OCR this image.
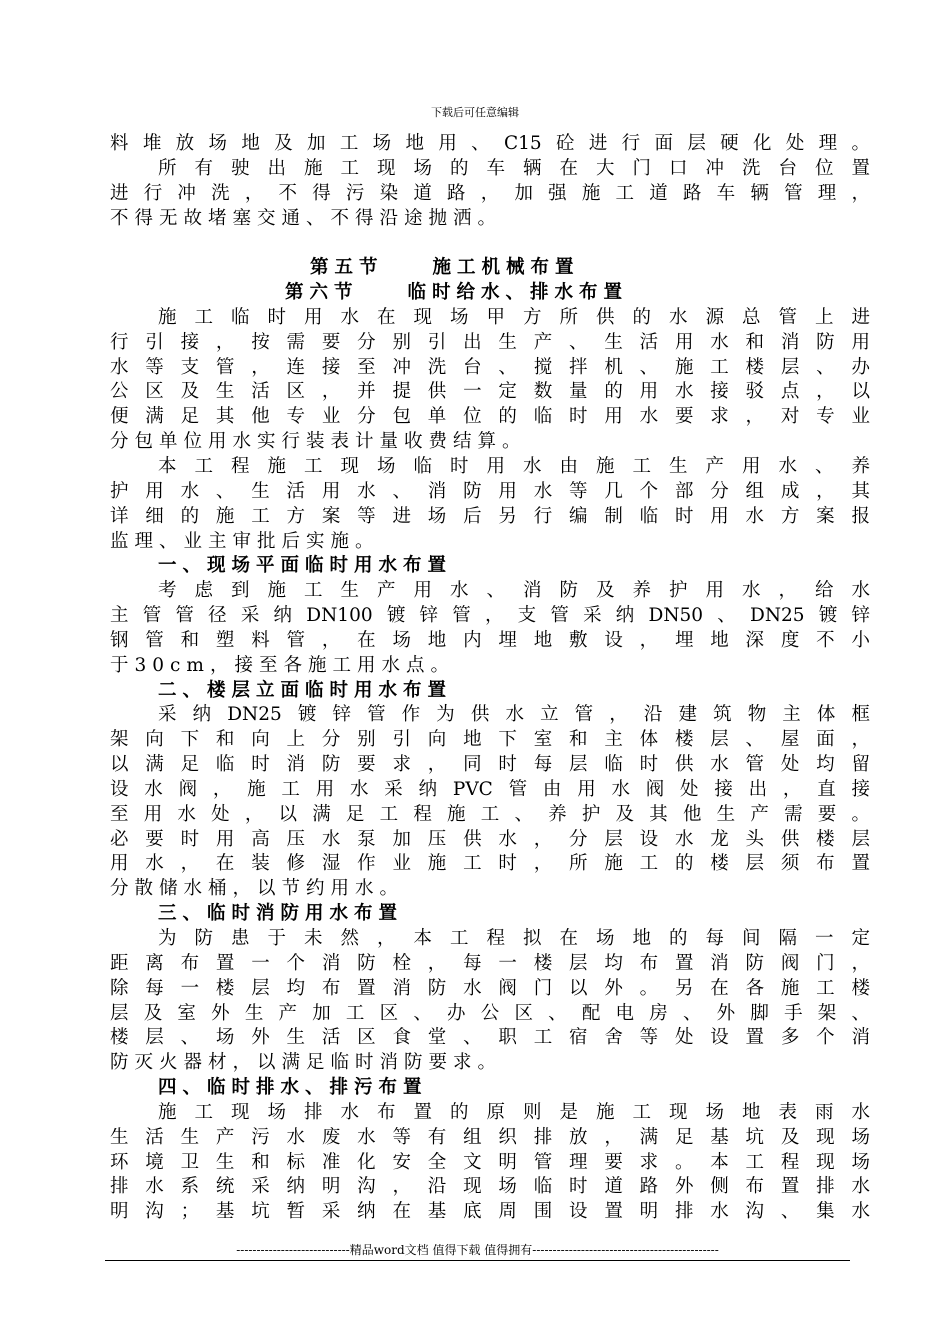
下载后可任意编辑
料堆放场地及加工场地用、C15砼进行面层硬化处理。
所有驶出施工现场的车辆在大门口冲洗台位置
进行冲洗，不得污染道路，加强施工道路车辆管理，
不得无故堵塞交通、不得沿途抛洒。
第五节　　施工机械布置
第六节　　临时给水、排水布置
施工临时用水在现场甲方所供的水源总管上进
行引接，按需要分别引出生产、生活用水和消防用
水等支管，连接至冲洗台、搅拌机、施工楼层、办
公区及生活区，并提供一定数量的用水接驳点，以
便满足其他专业分包单位的临时用水要求，对专业
分包单位用水实行装表计量收费结算。
本工程施工现场临时用水由施工生产用水、养
护用水、生活用水、消防用水等几个部分组成，其
详细的施工方案等进场后另行编制临时用水方案报
监理、业主审批后实施。
一、现场平面临时用水布置
考虑到施工生产用水、消防及养护用水，给水
主管管径采纳DN100镀锌管，支管采纳DN50、DN25镀锌
钢管和塑料管，在场地内埋地敷设，埋地深度不小
于30cm，接至各施工用水点。
二、楼层立面临时用水布置
采纳DN25镀锌管作为供水立管，沿建筑物主体框
架向下和向上分别引向地下室和主体楼层、屋面，
以满足临时消防要求，同时每层临时供水管处均留
设水阀，施工用水采纳PVC管由用水阀处接出，直接
至用水处，以满足工程施工、养护及其他生产需要。
必要时用高压水泵加压供水，分层设水龙头供楼层
用水，在装修湿作业施工时，所施工的楼层须布置
分散储水桶，以节约用水。
三、临时消防用水布置
为防患于未然，本工程拟在场地的每间隔一定
距离布置一个消防栓，每一楼层均布置消防阀门，
除每一楼层均布置消防水阀门以外。另在各施工楼
层及室外生产加工区、办公区、配电房、外脚手架、
楼层、场外生活区食堂、职工宿舍等处设置多个消
防灭火器材，以满足临时消防要求。
四、临时排水、排污布置
施工现场排水布置的原则是施工现场地表雨水
生活生产污水废水等有组织排放，满足基坑及现场
环境卫生和标准化安全文明管理要求。本工程现场
排水系统采纳明沟，沿现场临时道路外侧布置排水
明沟；基坑暂采纳在基底周围设置明排水沟、集水
----------------------------精品word文档 值得下载 值得拥有----------------------------------------------
